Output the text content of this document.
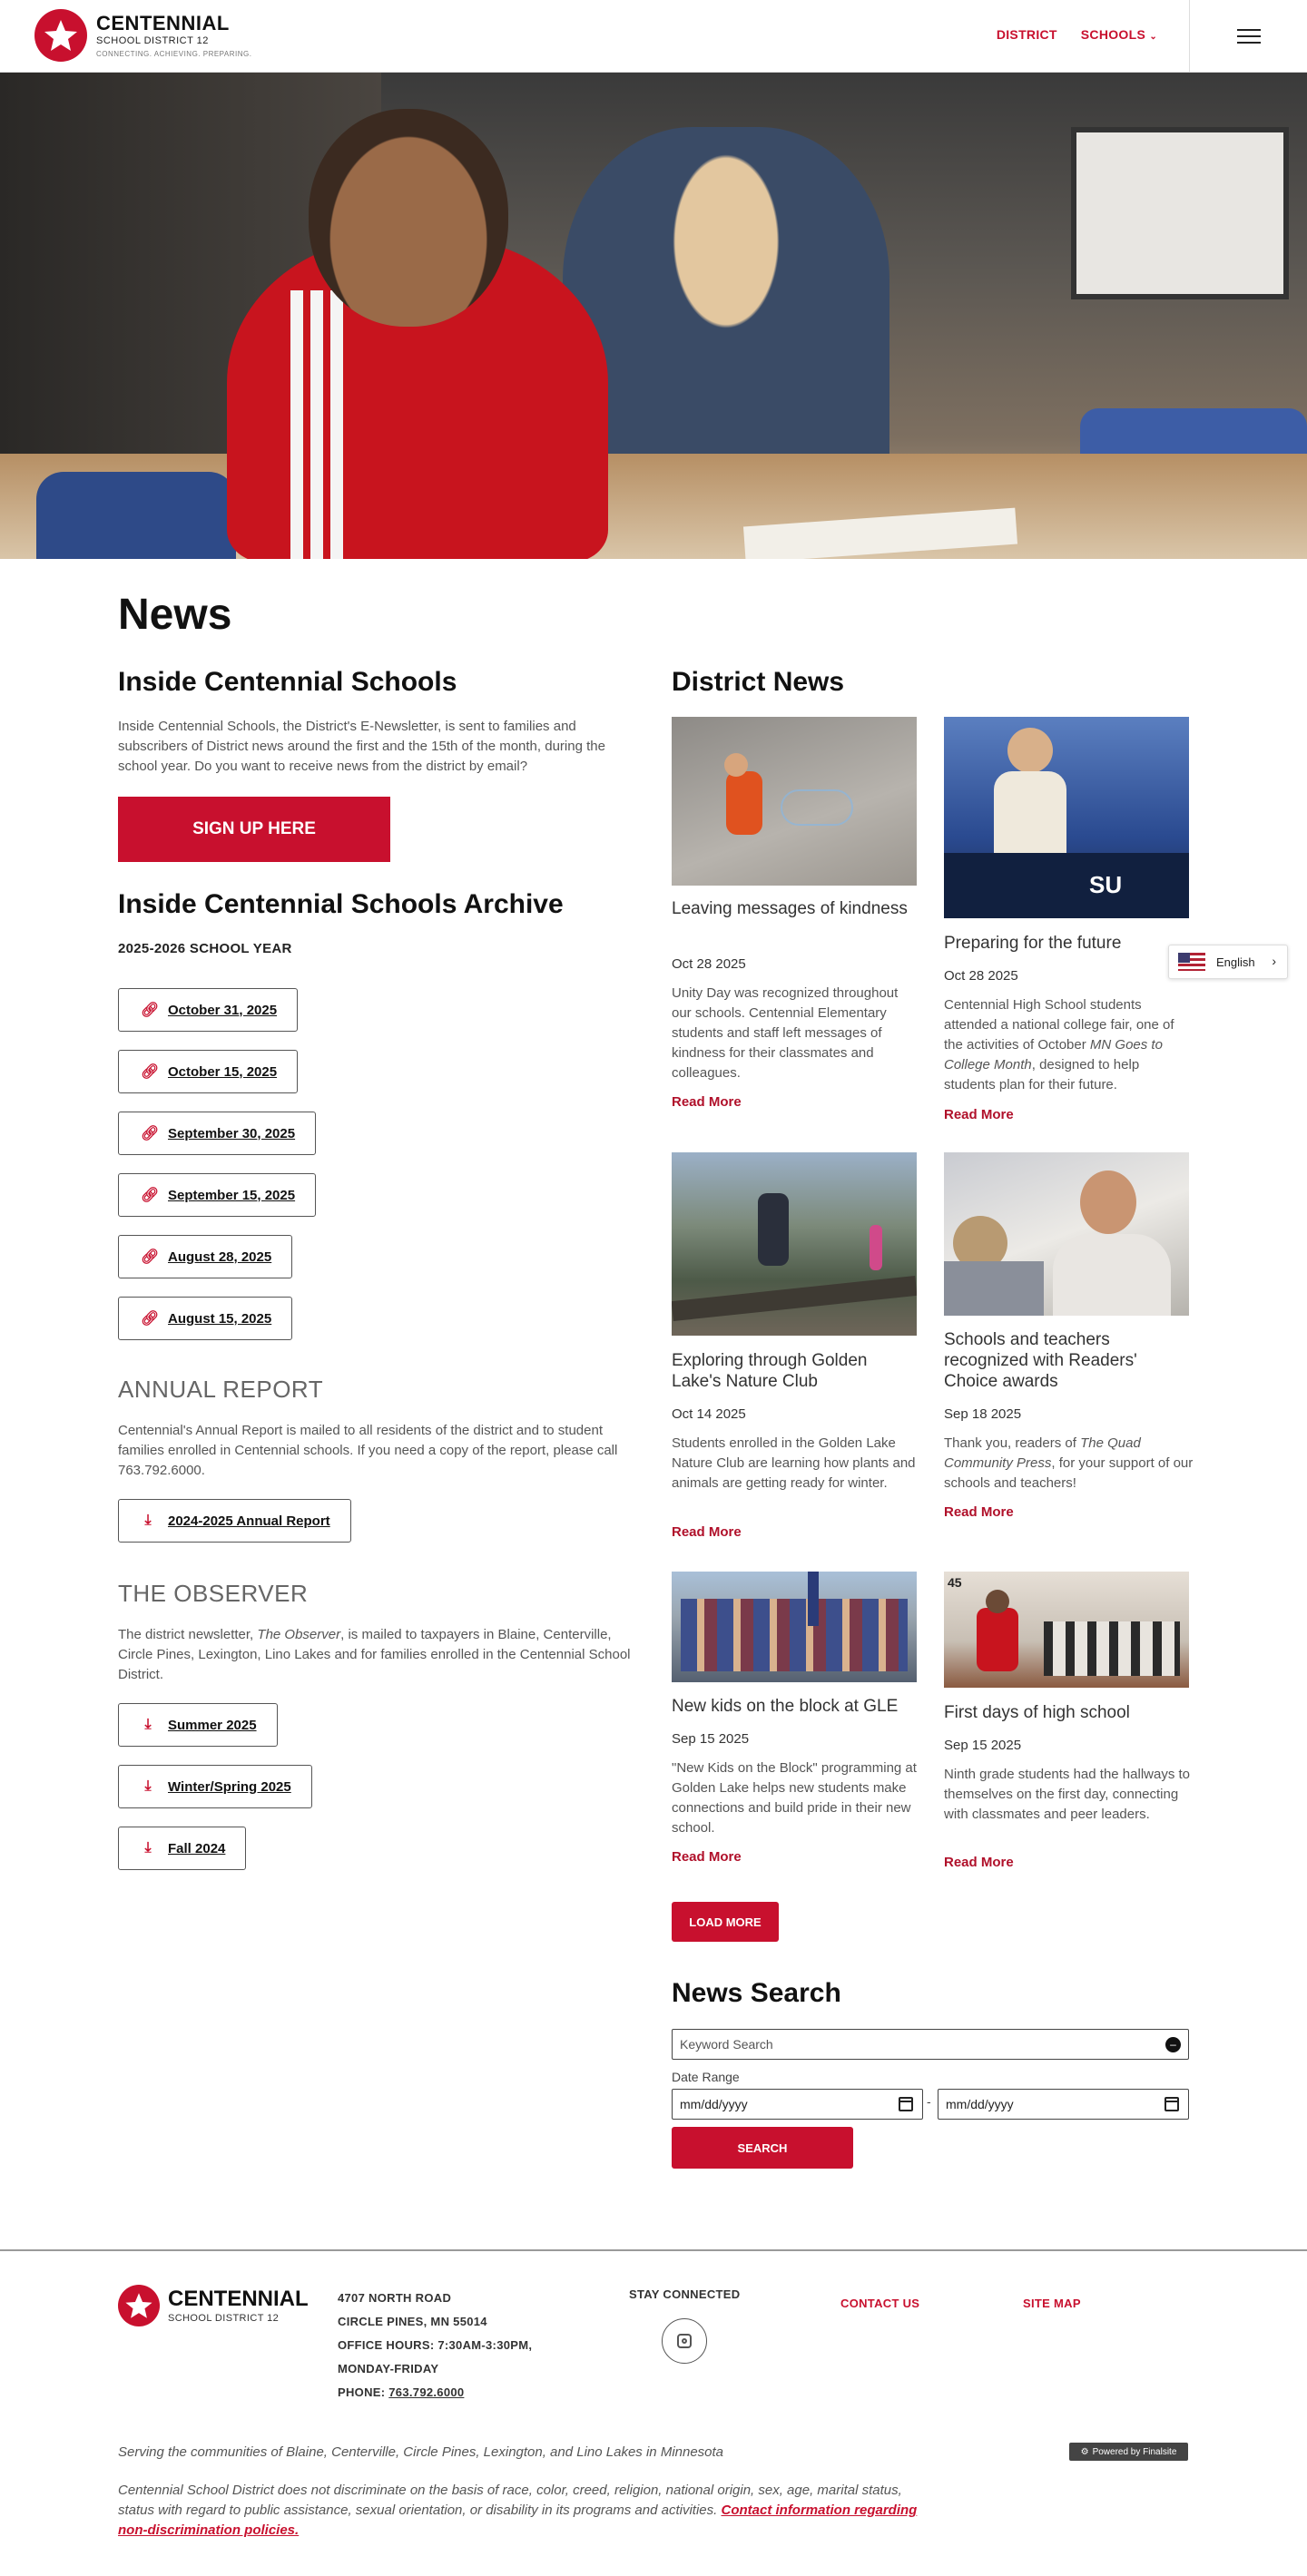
CENTENNIAL
SCHOOL DISTRICT 12
CONNECTING. ACHIEVING. PREPARING.
DISTRICT SCHOOLS ⌄
News
Inside Centennial Schools

Inside Centennial Schools, the District's E-Newsletter, is sent to families and subscribers of District news around the first and the 15th of the month, during the school year. Do you want to receive news from the district by email?

SIGN UP HERE
Inside Centennial Schools Archive
2025-2026 SCHOOL YEAR
🔗︎ October 31, 2025
🔗︎ October 15, 2025
🔗︎ September 30, 2025
🔗︎ September 15, 2025
🔗︎ August 28, 2025
🔗︎ August 15, 2025
ANNUAL REPORT

Centennial's Annual Report is mailed to all residents of the district and to student families enrolled in Centennial schools. If you need a copy of the report, please call 763.792.6000.

⤓ 2024-2025 Annual Report
THE OBSERVER

The district newsletter, The Observer, is mailed to taxpayers in Blaine, Centerville, Circle Pines, Lexington, Lino Lakes and for families enrolled in the Centennial School District.

⤓ Summer 2025
⤓ Winter/Spring 2025
⤓ Fall 2024
District News
Leaving messages of kindness
Oct 28 2025
Unity Day was recognized throughout our schools. Centennial Elementary students and staff left messages of kindness for their classmates and colleagues.
Read More
SU
Preparing for the future
Oct 28 2025
Centennial High School students attended a national college fair, one of the activities of October MN Goes to College Month, designed to help students plan for their future.
Read More
English ›
Exploring through Golden Lake's Nature Club
Oct 14 2025
Students enrolled in the Golden Lake Nature Club are learning how plants and animals are getting ready for winter.
Read More
Schools and teachers recognized with Readers' Choice awards
Sep 18 2025
Thank you, readers of The Quad Community Press, for your support of our schools and teachers!
Read More
New kids on the block at GLE
Sep 15 2025
"New Kids on the Block" programming at Golden Lake helps new students make connections and build pride in their new school.
Read More
45
First days of high school
Sep 15 2025
Ninth grade students had the hallways to themselves on the first day, connecting with classmates and peer leaders.
Read More
LOAD MORE
News Search
Keyword Search	–
Date Range
mm/dd/yyyy	- mm/dd/yyyy
SEARCH
CENTENNIAL
SCHOOL DISTRICT 12
4707 NORTH ROAD
CIRCLE PINES, MN 55014
OFFICE HOURS: 7:30AM-3:30PM,
MONDAY-FRIDAY
PHONE: 763.792.6000
STAY CONNECTED
CONTACT US	SITE MAP
Serving the communities of Blaine, Centerville, Circle Pines, Lexington, and Lino Lakes in Minnesota	⚙ Powered by Finalsite
Centennial School District does not discriminate on the basis of race, color, creed, religion, national origin, sex, age, marital status, status with regard to public assistance, sexual orientation, or disability in its programs and activities. Contact information regarding non-discrimination policies.
